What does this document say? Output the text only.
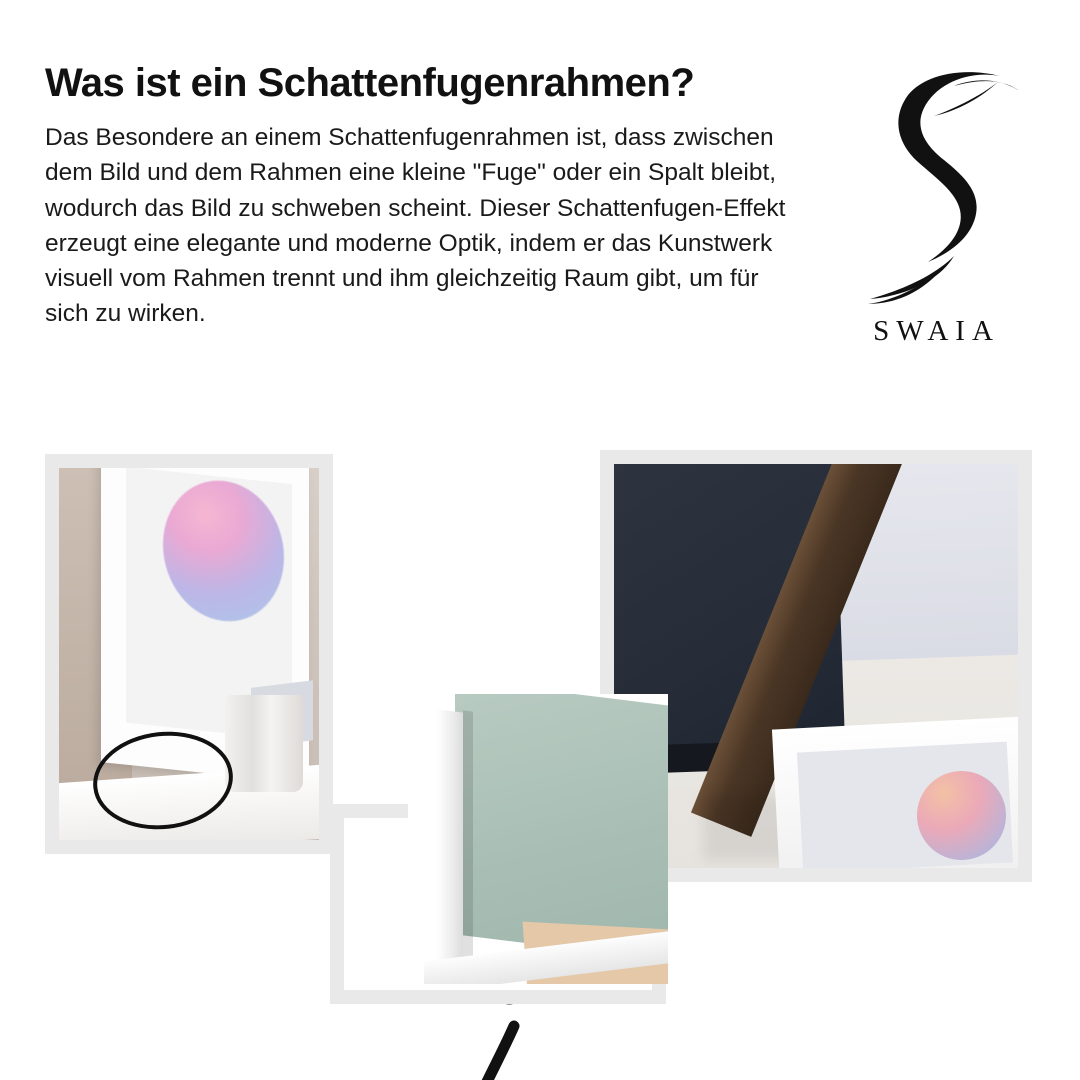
Was ist ein Schattenfugenrahmen?
Das Besondere an einem Schattenfugenrahmen ist, dass zwischen dem Bild und dem Rahmen eine kleine "Fuge" oder ein Spalt bleibt, wodurch das Bild zu schweben scheint. Dieser Schattenfugen-Effekt erzeugt eine elegante und moderne Optik, indem er das Kunstwerk visuell vom Rahmen trennt und ihm gleichzeitig Raum gibt, um für sich zu wirken.
SWAIA
